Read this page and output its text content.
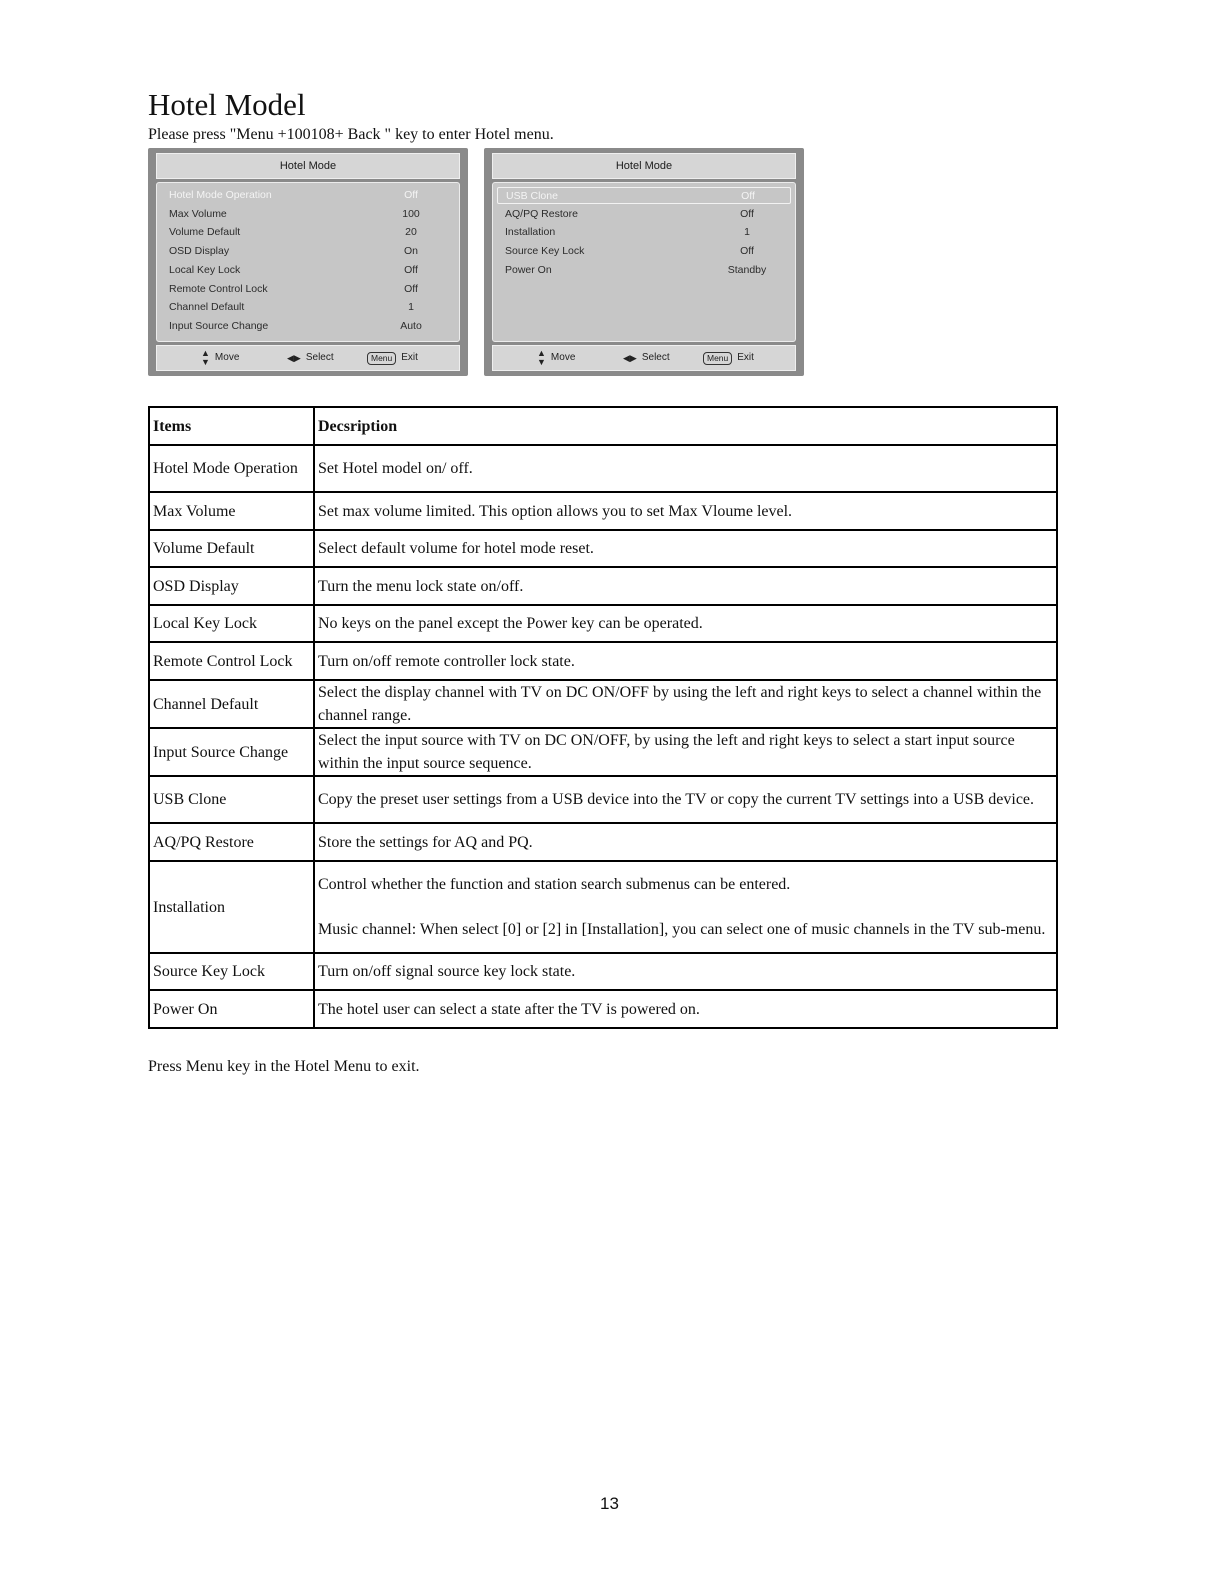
Hotel Model
Please press "Menu +100108+ Back " key to enter Hotel menu.
Hotel Mode
Hotel Mode Operation	Off
Max Volume	100
Volume Default	20
OSD Display	On
Local Key Lock	Off
Remote Control Lock	Off
Channel Default	1
Input Source Change	Auto
▲
▼ Move	◀▶ Select	Menu Exit
Hotel Mode
USB Clone	Off
AQ/PQ Restore	Off
Installation	1
Source Key Lock	Off
Power On	Standby
▲
▼ Move	◀▶ Select	Menu Exit
Items	Decsription
Hotel Mode Operation	Set Hotel model on/ off.
Max Volume	Set max volume limited. This option allows you to set Max Vloume level.
Volume Default	Select default volume for hotel mode reset.
OSD Display	Turn the menu lock state on/off.
Local Key Lock	No keys on the panel except the Power key can be operated.
Remote Control Lock	Turn on/off remote controller lock state.
Channel Default	Select the display channel with TV on DC ON/OFF by using the left and right keys to select a channel within the channel range.
Input Source Change	Select the input source with TV on DC ON/OFF, by using the left and right keys to select a start input source within the input source sequence.
USB Clone	Copy the preset user settings from a USB device into the TV or copy the current TV settings into a USB device.
AQ/PQ Restore	Store the settings for AQ and PQ.
Installation	Control whether the function and station search submenus can be entered.
Music channel: When select [0] or [2] in [Installation], you can select one of music channels in the TV sub-menu.

Source Key Lock	Turn on/off signal source key lock state.
Power On	The hotel user can select a state after the TV is powered on.
Press Menu key in the Hotel Menu to exit.
13
